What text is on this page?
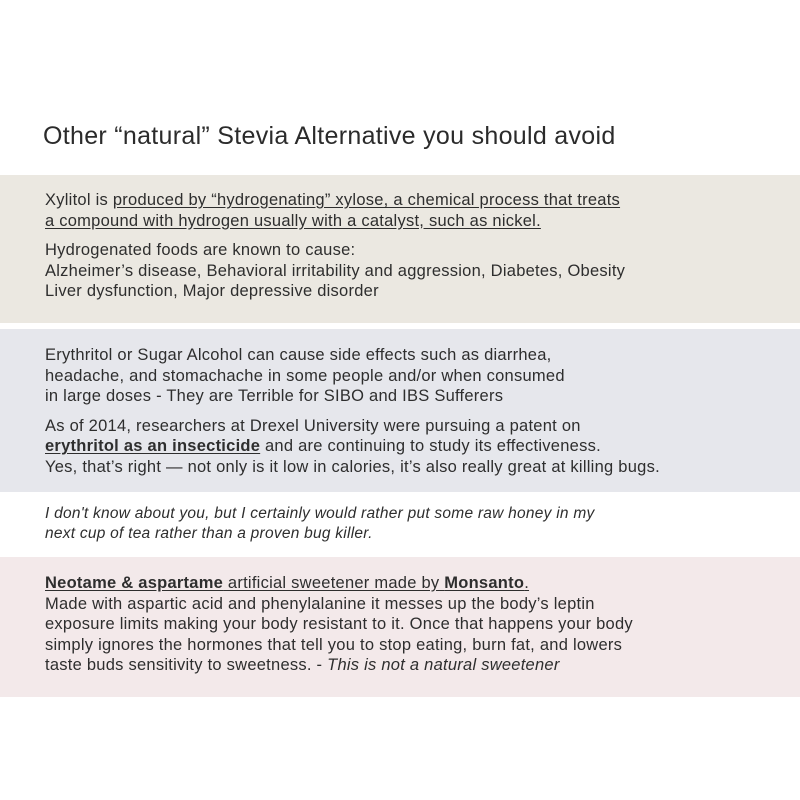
Other “natural” Stevia Alternative you should avoid

Xylitol is produced by “hydrogenating” xylose, a chemical process that treats
a compound with hydrogen usually with a catalyst, such as nickel.

Hydrogenated foods are known to cause:
Alzheimer’s disease, Behavioral irritability and aggression, Diabetes, Obesity
Liver dysfunction, Major depressive disorder

Erythritol or Sugar Alcohol can cause side effects such as diarrhea,
headache, and stomachache in some people and/or when consumed
in large doses - They are Terrible for SIBO and IBS Sufferers

As of 2014, researchers at Drexel University were pursuing a patent on
erythritol as an insecticide and are continuing to study its effectiveness.
Yes, that’s right — not only is it low in calories, it’s also really great at killing bugs.

I don't know about you, but I certainly would rather put some raw honey in my
next cup of tea rather than a proven bug killer.

Neotame & aspartame artificial sweetener made by Monsanto.
Made with aspartic acid and phenylalanine it messes up the body’s leptin
exposure limits making your body resistant to it. Once that happens your body
simply ignores the hormones that tell you to stop eating, burn fat, and lowers
taste buds sensitivity to sweetness. - This is not a natural sweetener
